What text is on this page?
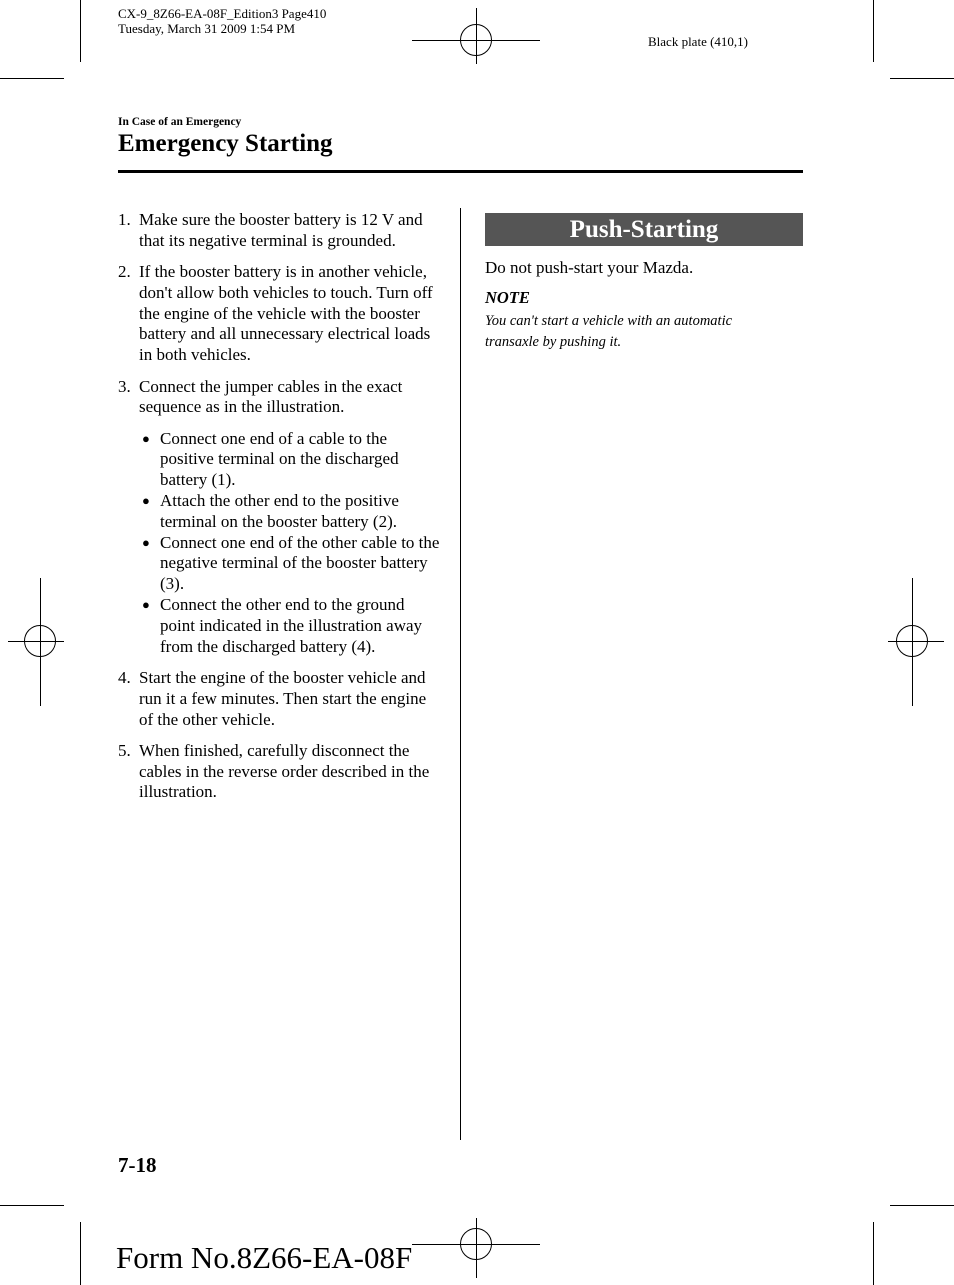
CX-9_8Z66-EA-08F_Edition3 Page410
Tuesday, March 31 2009 1:54 PM
Black plate (410,1)
In Case of an Emergency
Emergency Starting
1. Make sure the booster battery is 12 V and that its negative terminal is grounded.
2. If the booster battery is in another vehicle, don't allow both vehicles to touch. Turn off the engine of the vehicle with the booster battery and all unnecessary electrical loads in both vehicles.
3. Connect the jumper cables in the exact sequence as in the illustration.
● Connect one end of a cable to the positive terminal on the discharged battery (1).
● Attach the other end to the positive terminal on the booster battery (2).
● Connect one end of the other cable to the negative terminal of the booster battery (3).
● Connect the other end to the ground point indicated in the illustration away from the discharged battery (4).
4. Start the engine of the booster vehicle and run it a few minutes. Then start the engine of the other vehicle.
5. When finished, carefully disconnect the cables in the reverse order described in the illustration.
Push-Starting
Do not push-start your Mazda.
NOTE
You can't start a vehicle with an automatic transaxle by pushing it.
7-18
Form No.8Z66-EA-08F
